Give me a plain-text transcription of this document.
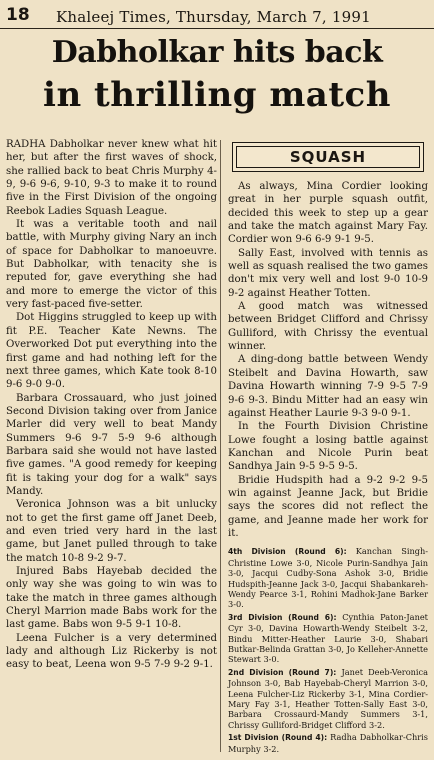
18 Khaleej Times, Thursday, March 7, 1991
Dabholkar hits back
in thrilling match

RADHA Dabholkar never knew what hit her, but after the first waves of shock, she rallied back to beat Chris Murphy 4-9, 9-6 9-6, 9-10, 9-3 to make it to round five in the First Division of the ongoing Reebok Ladies Squash League.

It was a veritable tooth and nail battle, with Murphy giving Nary an inch of space for Dabholkar to manoeuvre. But Dabholkar, with tenacity she is reputed for, gave everything she had and more to emerge the victor of this very fast-paced five-setter.

Dot Higgins struggled to keep up with fit P.E. Teacher Kate Newns. The Overworked Dot put everything into the first game and had nothing left for the next three games, which Kate took 8-10 9-6 9-0 9-0.

Barbara Crossauard, who just joined Second Division taking over from Janice Marler did very well to beat Mandy Summers 9-6 9-7 5-9 9-6 although Barbara said she would not have lasted five games. "A good remedy for keeping fit is taking your dog for a walk" says Mandy.

Veronica Johnson was a bit unlucky not to get the first game off Janet Deeb, and even tried very hard in the last game, but Janet pulled through to take the match 10-8 9-2 9-7.

Injured Babs Hayebab decided the only way she was going to win was to take the match in three games although Cheryl Marrion made Babs work for the last game. Babs won 9-5 9-1 10-8.

Leena Fulcher is a very determined lady and although Liz Rickerby is not easy to beat, Leena won 9-5 7-9 9-2 9-1.

SQUASH

As always, Mina Cordier looking great in her purple squash outfit, decided this week to step up a gear and take the match against Mary Fay. Cordier won 9-6 6-9 9-1 9-5.

Sally East, involved with tennis as well as squash realised the two games don't mix very well and lost 9-0 10-9 9-2 against Heather Totten.

A good match was witnessed between Bridget Clifford and Chrissy Gulliford, with Chrissy the eventual winner.

A ding-dong battle between Wendy Steibelt and Davina Howarth, saw Davina Howarth winning 7-9 9-5 7-9 9-6 9-3. Bindu Mitter had an easy win against Heather Laurie 9-3 9-0 9-1.

In the Fourth Division Christine Lowe fought a losing battle against Kanchan and Nicole Purin beat Sandhya Jain 9-5 9-5 9-5.

Bridie Hudspith had a 9-2 9-2 9-5 win against Jeanne Jack, but Bridie says the scores did not reflect the game, and Jeanne made her work for it.

4th Division (Round 6): Kanchan Singh-Christine Lowe 3-0, Nicole Purin-Sandhya Jain 3-0, Jacqui Cudby-Sona Ashok 3-0, Bridie Hudspith-Jeanne Jack 3-0, Jacqui Shabankareh-Wendy Pearce 3-1, Rohini Madhok-Jane Barker 3-0.

3rd Division (Round 6): Cynthia Paton-Janet Cyr 3-0, Davina Howarth-Wendy Steibelt 3-2, Bindu Mitter-Heather Laurie 3-0, Shabari Butkar-Belinda Grattan 3-0, Jo Kelleher-Annette Stewart 3-0.

2nd Division (Round 7): Janet Deeb-Veronica Johnson 3-0, Bab Hayebab-Cheryl Marrion 3-0, Leena Fulcher-Liz Rickerby 3-1, Mina Cordier-Mary Fay 3-1, Heather Totten-Sally East 3-0, Barbara Crossaurd-Mandy Summers 3-1, Chrissy Gulliford-Bridget Clifford 3-2.

1st Division (Round 4): Radha Dabholkar-Chris Murphy 3-2.
